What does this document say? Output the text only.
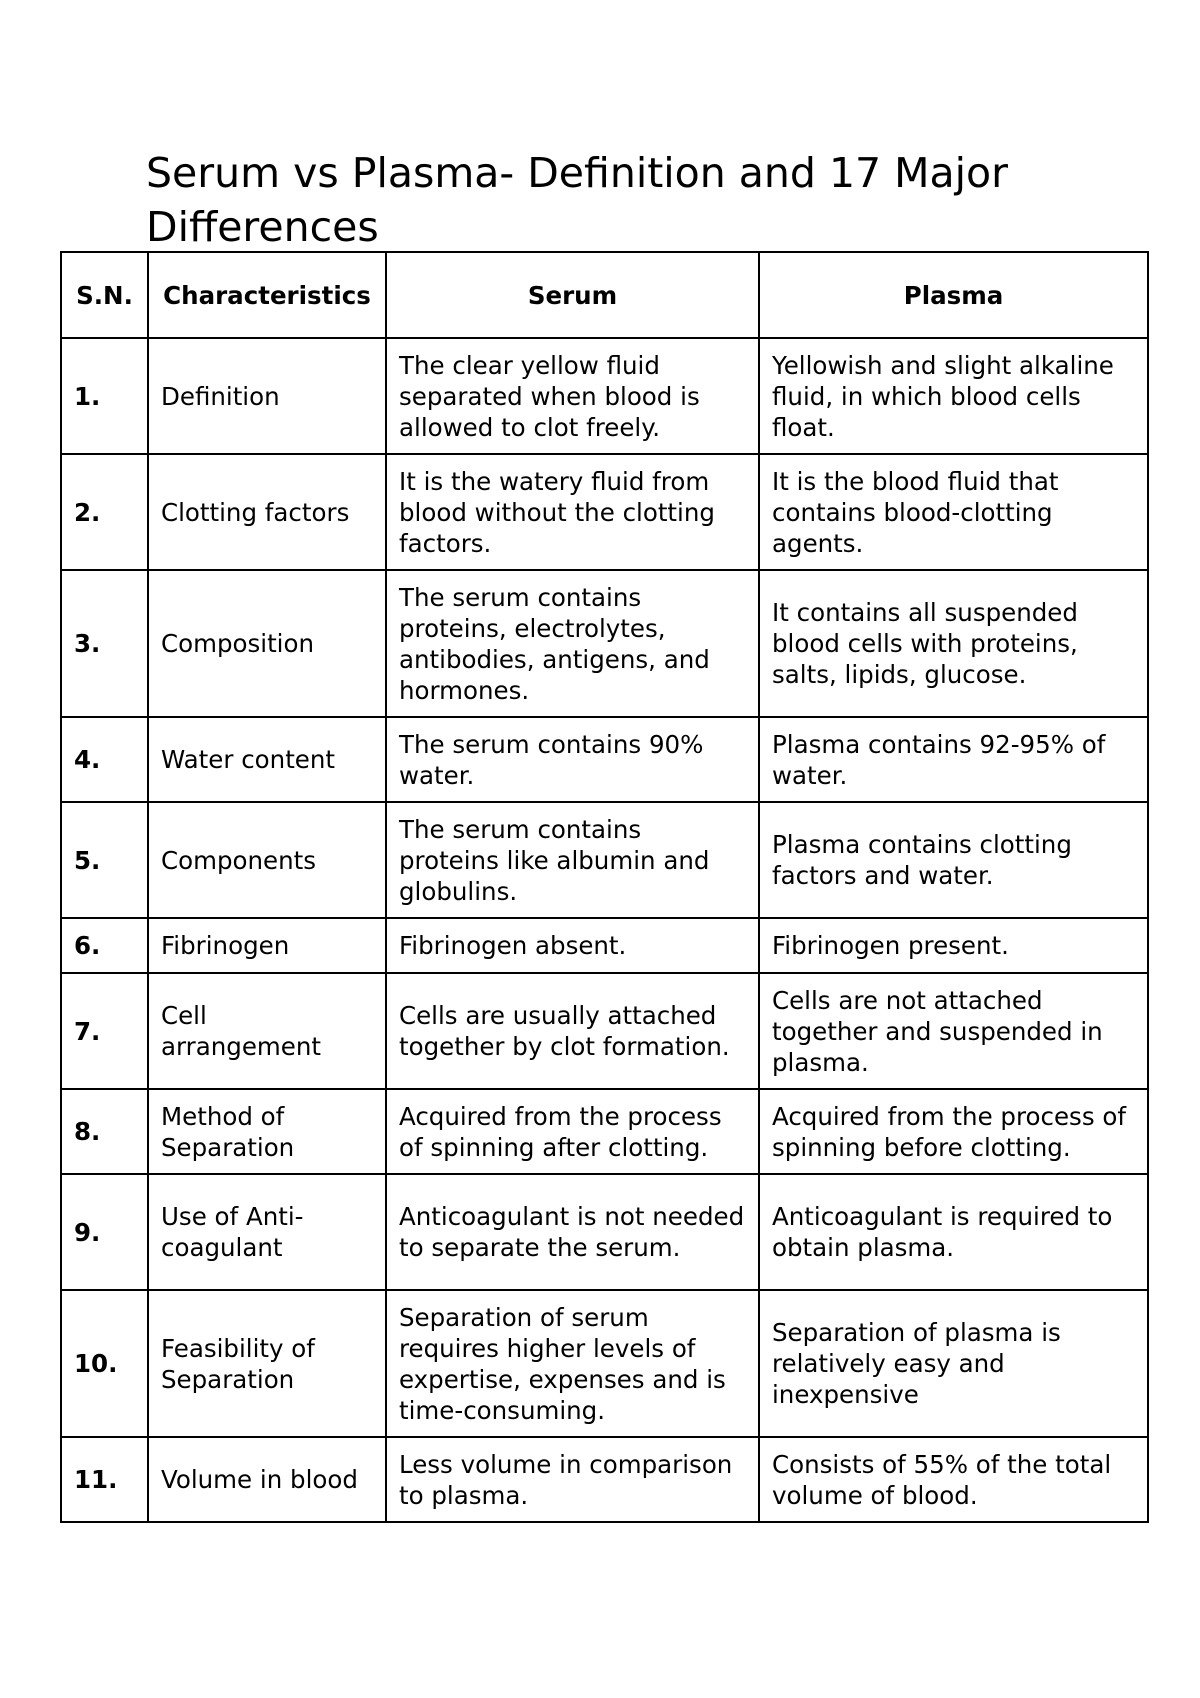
Serum vs Plasma- Definition and 17 Major Differences
S.N.	Characteristics	Serum	Plasma
1.	Definition	The clear yellow fluid separated when blood is allowed to clot freely.	Yellowish and slight alkaline fluid, in which blood cells float.
2.	Clotting factors	It is the watery fluid from blood without the clotting factors.	It is the blood fluid that contains blood-clotting agents.
3.	Composition	The serum contains proteins, electrolytes, antibodies, antigens, and hormones.	It contains all suspended blood cells with proteins, salts, lipids, glucose.
4.	Water content	The serum contains 90% water.	Plasma contains 92-95% of water.
5.	Components	The serum contains proteins like albumin and globulins.	Plasma contains clotting factors and water.
6.	Fibrinogen	Fibrinogen absent.	Fibrinogen present.
7.	Cell arrangement	Cells are usually attached together by clot formation.	Cells are not attached together and suspended in plasma.
8.	Method of Separation	Acquired from the process of spinning after clotting.	Acquired from the process of spinning before clotting.
9.	Use of Anti-coagulant	Anticoagulant is not needed to separate the serum.	Anticoagulant is required to obtain plasma.
10.	Feasibility of Separation	Separation of serum requires higher levels of expertise, expenses and is time-consuming.	Separation of plasma is relatively easy and inexpensive
11.	Volume in blood	Less volume in comparison to plasma.	Consists of 55% of the total volume of blood.
